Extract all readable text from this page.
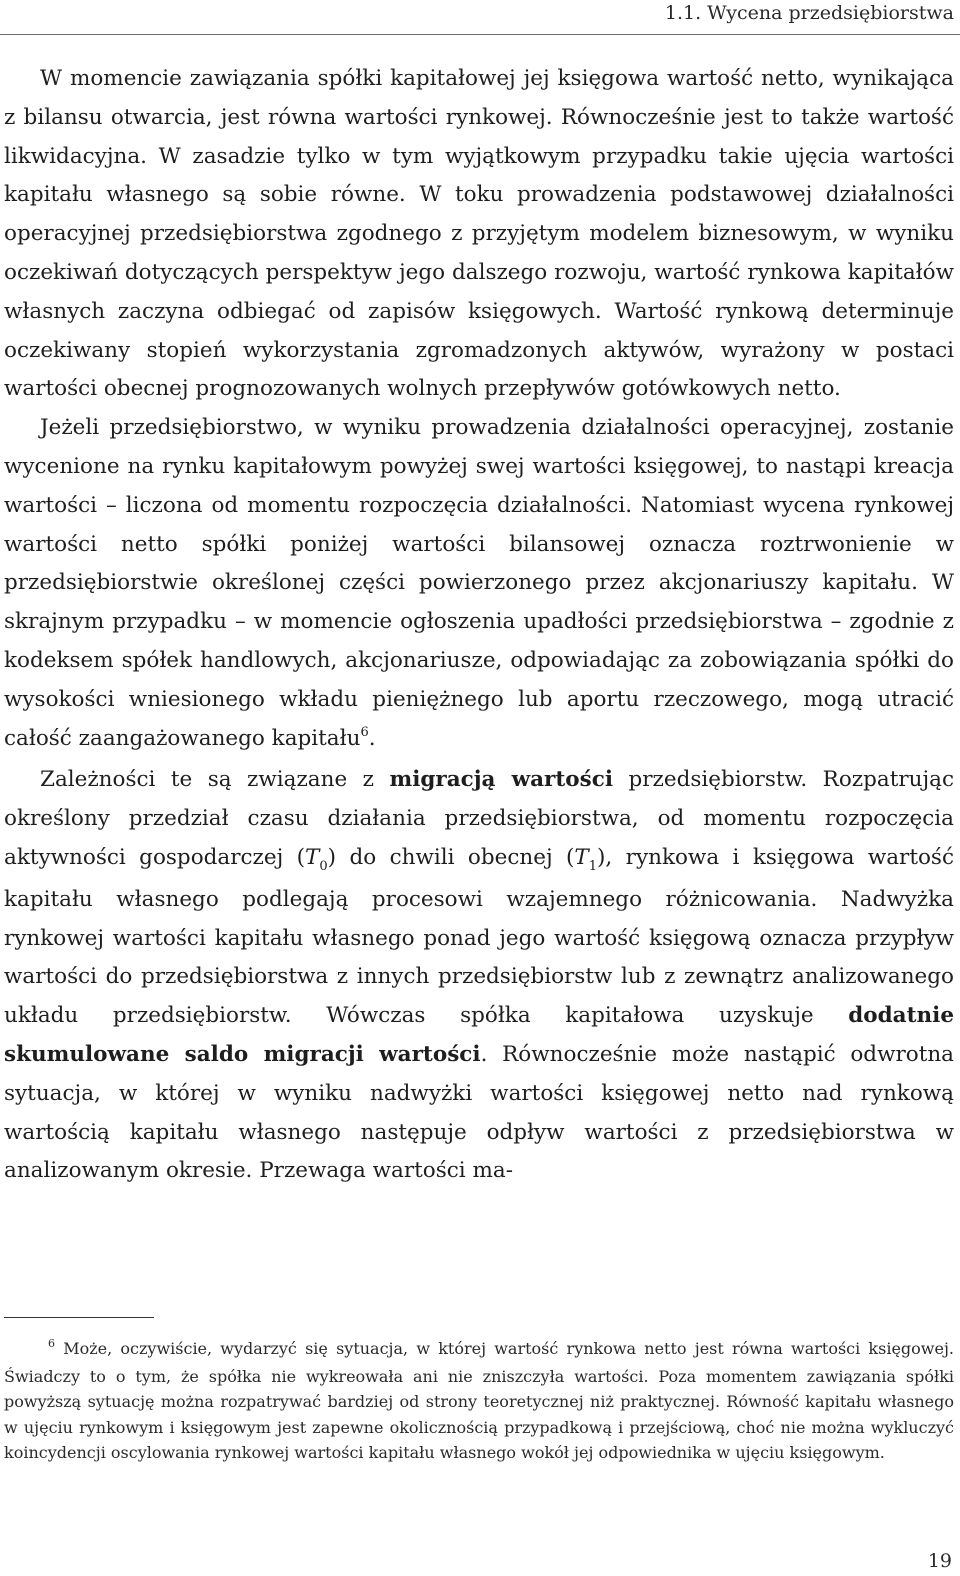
1.1. Wycena przedsiębiorstwa

W momencie zawiązania spółki kapitałowej jej księgowa wartość netto, wynikająca z bilansu otwarcia, jest równa wartości rynkowej. Równocześnie jest to także wartość likwidacyjna. W zasadzie tylko w tym wyjątkowym przypadku takie ujęcia wartości kapitału własnego są sobie równe. W toku prowadzenia podstawowej działalności operacyjnej przedsiębiorstwa zgodnego z przyjętym modelem biznesowym, w wyniku oczekiwań dotyczących perspektyw jego dalszego rozwoju, wartość rynkowa kapitałów własnych zaczyna odbiegać od zapisów księgowych. Wartość rynkową determinuje oczekiwany stopień wykorzystania zgromadzonych aktywów, wyrażony w postaci wartości obecnej prognozowanych wolnych przepływów gotówkowych netto.

Jeżeli przedsiębiorstwo, w wyniku prowadzenia działalności operacyjnej, zostanie wycenione na rynku kapitałowym powyżej swej wartości księgowej, to nastąpi kreacja wartości – liczona od momentu rozpoczęcia działalności. Natomiast wycena rynkowej wartości netto spółki poniżej wartości bilansowej oznacza roztrwonienie w przedsiębiorstwie określonej części powierzonego przez akcjonariuszy kapitału. W skrajnym przypadku – w momencie ogłoszenia upadłości przedsiębiorstwa – zgodnie z kodeksem spółek handlowych, akcjonariusze, odpowiadając za zobowiązania spółki do wysokości wniesionego wkładu pieniężnego lub aportu rzeczowego, mogą utracić całość zaangażowanego kapitału$^6$.

Zależności te są związane z migracją wartości przedsiębiorstw. Rozpatrując określony przedział czasu działania przedsiębiorstwa, od momentu rozpoczęcia aktywności gospodarczej $(T_0)$ do chwili obecnej $(T_1)$, rynkowa i księgowa wartość kapitału własnego podlegają procesowi wzajemnego różnicowania. Nadwyżka rynkowej wartości kapitału własnego ponad jego wartość księgową oznacza przypływ wartości do przedsiębiorstwa z innych przedsiębiorstw lub z zewnątrz analizowanego układu przedsiębiorstw. Wówczas spółka kapitałowa uzyskuje dodatnie skumulowane saldo migracji wartości. Równocześnie może nastąpić odwrotna sytuacja, w której w wyniku nadwyżki wartości księgowej netto nad rynkową wartością kapitału własnego następuje odpływ wartości z przedsiębiorstwa w analizowanym okresie. Przewaga wartości ma-

$^6$ Może, oczywiście, wydarzyć się sytuacja, w której wartość rynkowa netto jest równa wartości księgowej. Świadczy to o tym, że spółka nie wykreowała ani nie zniszczyła wartości. Poza momentem zawiązania spółki powyższą sytuację można rozpatrywać bardziej od strony teoretycznej niż praktycznej. Równość kapitału własnego w ujęciu rynkowym i księgowym jest zapewne okolicznością przypadkową i przejściową, choć nie można wykluczyć koincydencji oscylowania rynkowej wartości kapitału własnego wokół jej odpowiednika w ujęciu księgowym.

19
